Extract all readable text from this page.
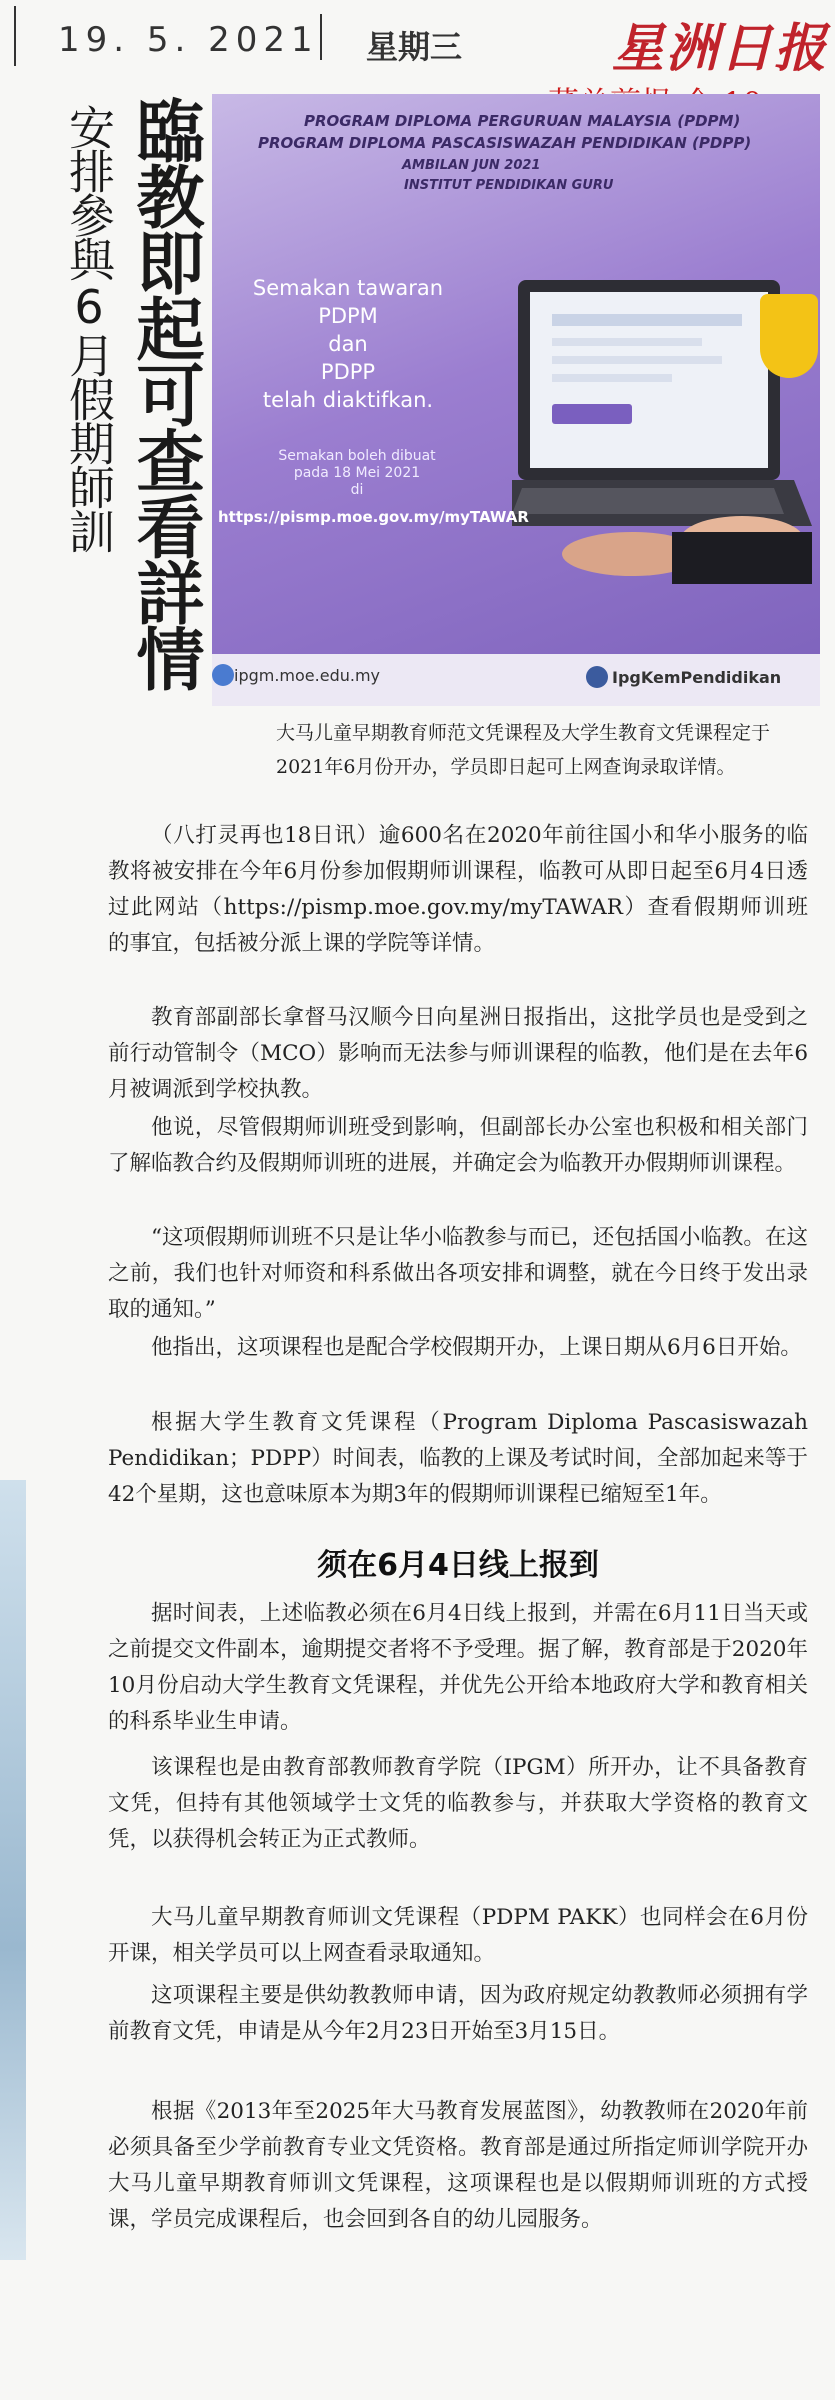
19. 5. 2021 星期三	星洲日报
臨教即起可查看詳情
安排參與6月假期師訓	PROGRAM DIPLOMA PERGURUAN MALAYSIA (PDPM)
PROGRAM DIPLOMA PASCASISWAZAH PENDIDIKAN (PDPP)
AMBILAN JUN 2021
INSTITUT PENDIDIKAN GURU
Semakan tawaran
PDPM
dan
PDPP
telah diaktifkan.
Semakan boleh dibuat
pada 18 Mei 2021
di
https://pismp.moe.gov.my/myTAWAR
ipgm.moe.edu.my	IpgKemPendidikan
大马儿童早期教育师范文凭课程及大学生教育文凭课程定于2021年6月份开办，学员即日起可上网查询录取详情。
（八打灵再也18日讯）逾600名在2020年前往国小和华小服务的临教将被安排在今年6月份参加假期师训课程，临教可从即日起至6月4日透过此网站（https://pismp.moe.gov.my/myTAWAR）查看假期师训班的事宜，包括被分派上课的学院等详情。
教育部副部长拿督马汉顺今日向星洲日报指出，这批学员也是受到之前行动管制令（MCO）影响而无法参与师训课程的临教，他们是在去年6月被调派到学校执教。
他说，尽管假期师训班受到影响，但副部长办公室也积极和相关部门了解临教合约及假期师训班的进展，并确定会为临教开办假期师训课程。
“这项假期师训班不只是让华小临教参与而已，还包括国小临教。在这之前，我们也针对师资和科系做出各项安排和调整，就在今日终于发出录取的通知。”
他指出，这项课程也是配合学校假期开办，上课日期从6月6日开始。
根据大学生教育文凭课程（Program Diploma Pascasiswazah Pendidikan；PDPP）时间表，临教的上课及考试时间，全部加起来等于42个星期，这也意味原本为期3年的假期师训课程已缩短至1年。
须在6月4日线上报到
据时间表，上述临教必须在6月4日线上报到，并需在6月11日当天或之前提交文件副本，逾期提交者将不予受理。据了解，教育部是于2020年10月份启动大学生教育文凭课程，并优先公开给本地政府大学和教育相关的科系毕业生申请。
该课程也是由教育部教师教育学院（IPGM）所开办，让不具备教育文凭，但持有其他领域学士文凭的临教参与，并获取大学资格的教育文凭，以获得机会转正为正式教师。
大马儿童早期教育师训文凭课程（PDPM PAKK）也同样会在6月份开课，相关学员可以上网查看录取通知。
这项课程主要是供幼教教师申请，因为政府规定幼教教师必须拥有学前教育文凭，申请是从今年2月23日开始至3月15日。
根据《2013年至2025年大马教育发展蓝图》，幼教教师在2020年前必须具备至少学前教育专业文凭资格。教育部是通过所指定师训学院开办大马儿童早期教育师训文凭课程，这项课程也是以假期师训班的方式授课，学员完成课程后，也会回到各自的幼儿园服务。
